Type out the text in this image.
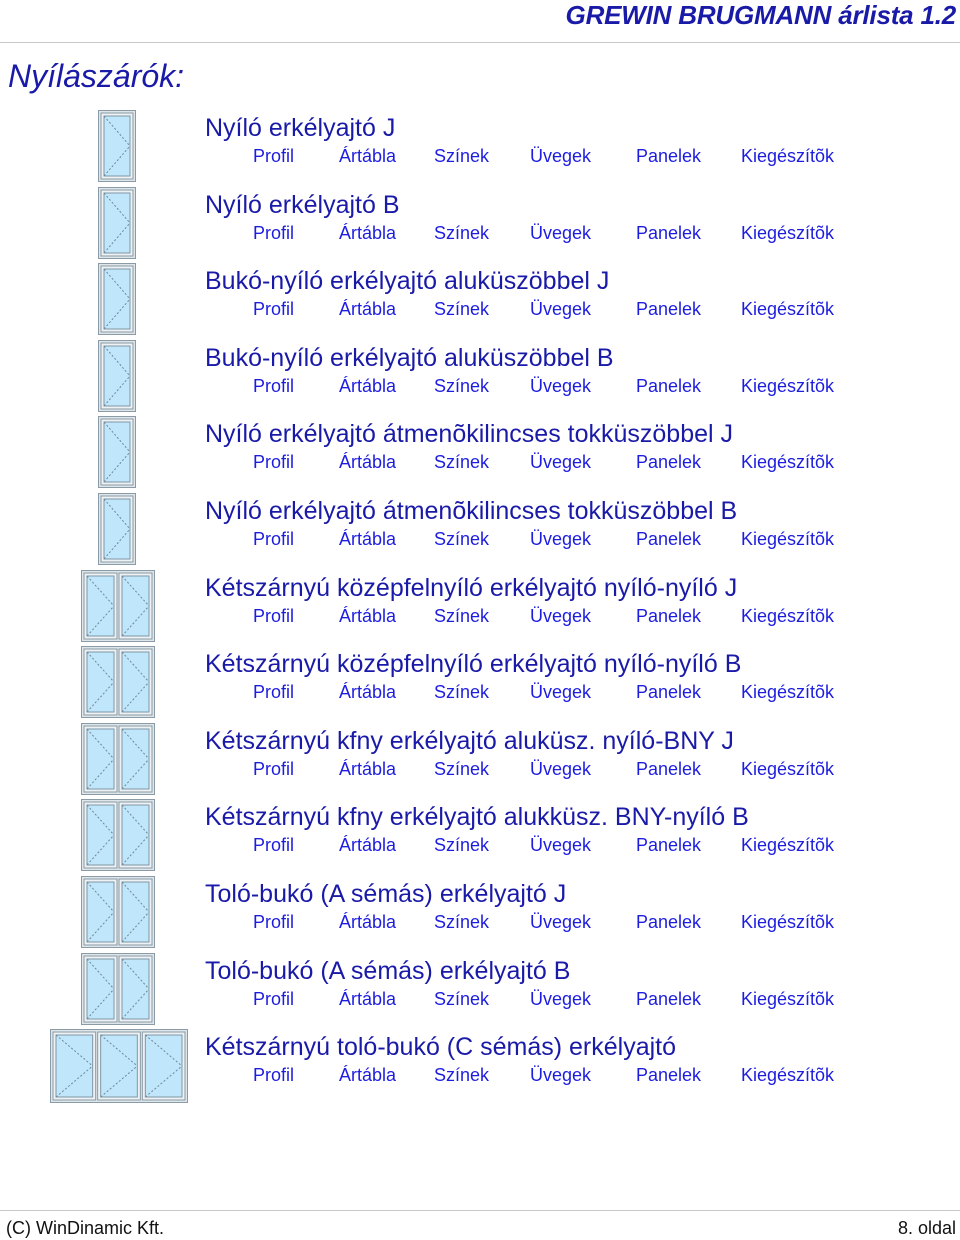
GREWIN BRUGMANN árlista 1.2
Nyílászárók:
Nyíló erkélyajtó J
Profil Ártábla Színek Üvegek Panelek Kiegészítõk
Nyíló erkélyajtó B
Profil Ártábla Színek Üvegek Panelek Kiegészítõk
Bukó-nyíló erkélyajtó aluküszöbbel J
Profil Ártábla Színek Üvegek Panelek Kiegészítõk
Bukó-nyíló erkélyajtó aluküszöbbel B
Profil Ártábla Színek Üvegek Panelek Kiegészítõk
Nyíló erkélyajtó átmenõkilincses tokküszöbbel J
Profil Ártábla Színek Üvegek Panelek Kiegészítõk
Nyíló erkélyajtó átmenõkilincses tokküszöbbel B
Profil Ártábla Színek Üvegek Panelek Kiegészítõk
Kétszárnyú középfelnyíló erkélyajtó nyíló-nyíló J
Profil Ártábla Színek Üvegek Panelek Kiegészítõk
Kétszárnyú középfelnyíló erkélyajtó nyíló-nyíló B
Profil Ártábla Színek Üvegek Panelek Kiegészítõk
Kétszárnyú kfny erkélyajtó aluküsz. nyíló-BNY J
Profil Ártábla Színek Üvegek Panelek Kiegészítõk
Kétszárnyú kfny erkélyajtó alukküsz. BNY-nyíló B
Profil Ártábla Színek Üvegek Panelek Kiegészítõk
Toló-bukó (A sémás) erkélyajtó J
Profil Ártábla Színek Üvegek Panelek Kiegészítõk
Toló-bukó (A sémás) erkélyajtó B
Profil Ártábla Színek Üvegek Panelek Kiegészítõk
Kétszárnyú toló-bukó (C sémás) erkélyajtó
Profil Ártábla Színek Üvegek Panelek Kiegészítõk
(C) WinDinamic Kft.	8. oldal
